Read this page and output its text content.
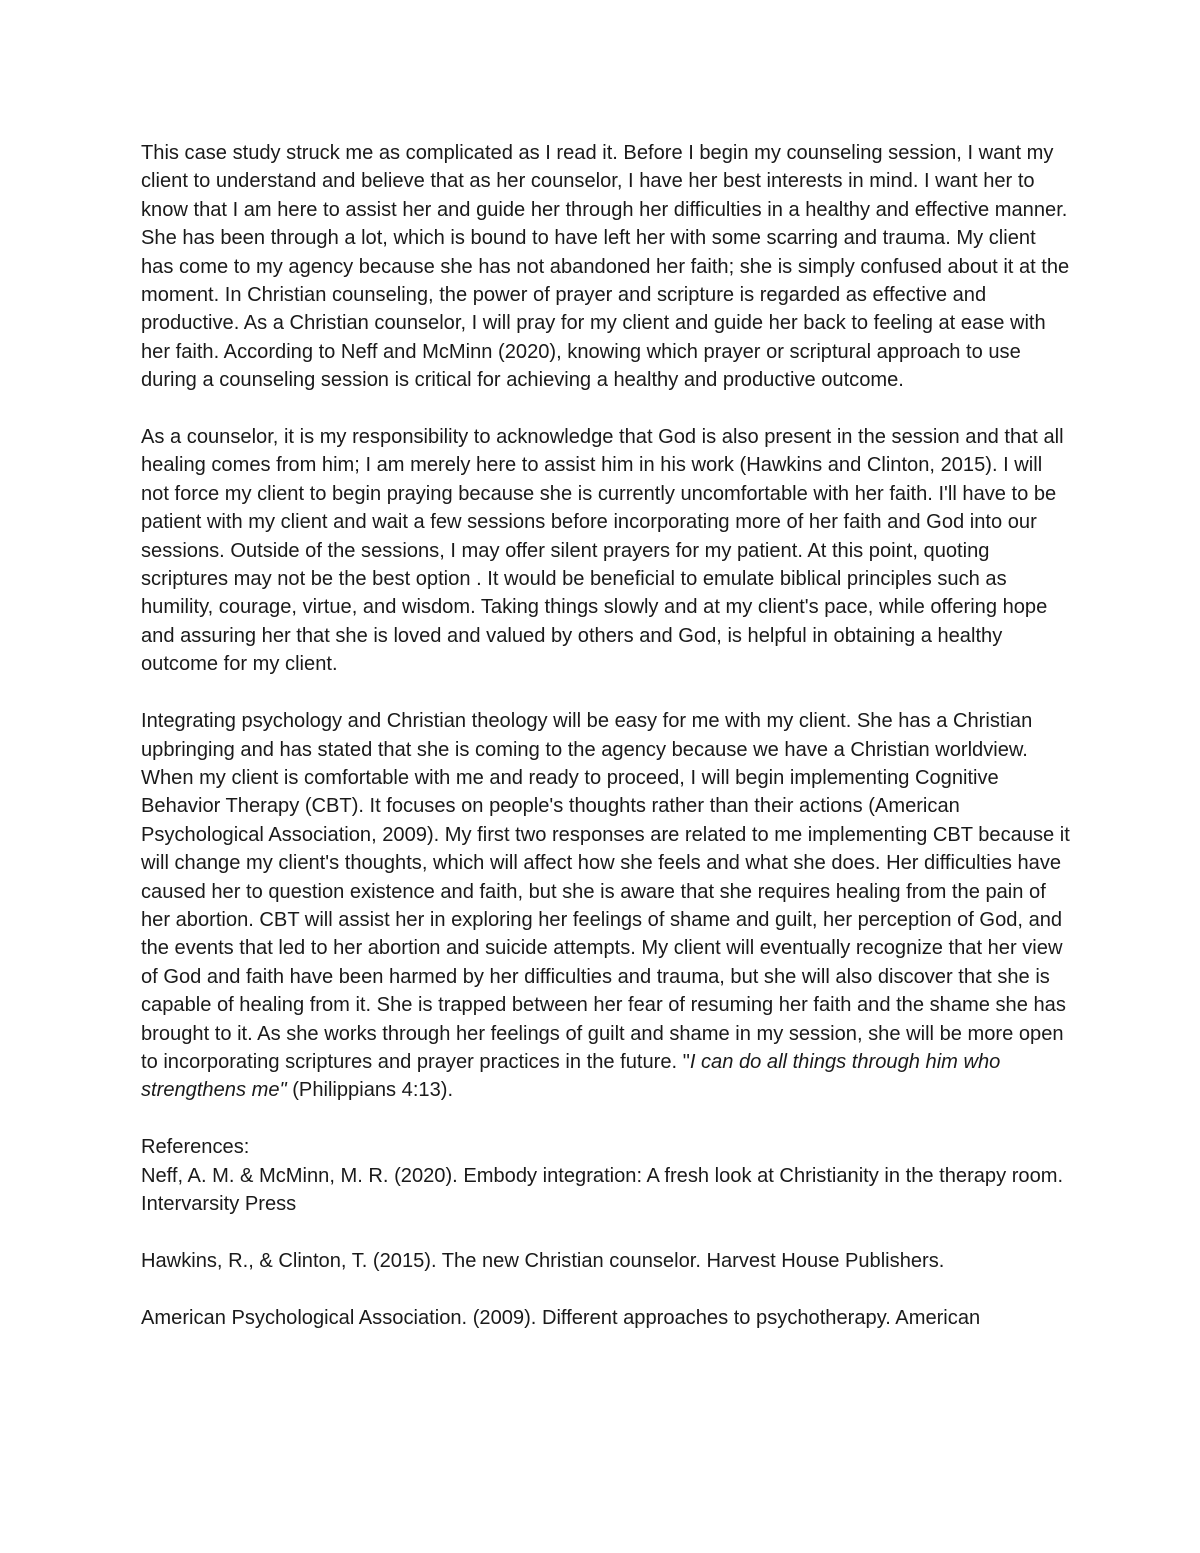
This case study struck me as complicated as I read it. Before I begin my counseling session, I want my client to understand and believe that as her counselor, I have her best interests in mind. I want her to know that I am here to assist her and guide her through her difficulties in a healthy and effective manner. She has been through a lot, which is bound to have left her with some scarring and trauma. My client has come to my agency because she has not abandoned her faith; she is simply confused about it at the moment. In Christian counseling, the power of prayer and scripture is regarded as effective and productive. As a Christian counselor, I will pray for my client and guide her back to feeling at ease with her faith. According to Neff and McMinn (2020), knowing which prayer or scriptural approach to use during a counseling session is critical for achieving a healthy and productive outcome.

As a counselor, it is my responsibility to acknowledge that God is also present in the session and that all healing comes from him; I am merely here to assist him in his work (Hawkins and Clinton, 2015). I will not force my client to begin praying because she is currently uncomfortable with her faith. I'll have to be patient with my client and wait a few sessions before incorporating more of her faith and God into our sessions. Outside of the sessions, I may offer silent prayers for my patient. At this point, quoting scriptures may not be the best option . It would be beneficial to emulate biblical principles such as humility, courage, virtue, and wisdom. Taking things slowly and at my client's pace, while offering hope and assuring her that she is loved and valued by others and God, is helpful in obtaining a healthy outcome for my client.

Integrating psychology and Christian theology will be easy for me with my client. She has a Christian upbringing and has stated that she is coming to the agency because we have a Christian worldview. When my client is comfortable with me and ready to proceed, I will begin implementing Cognitive Behavior Therapy (CBT). It focuses on people's thoughts rather than their actions (American Psychological Association, 2009). My first two responses are related to me implementing CBT because it will change my client's thoughts, which will affect how she feels and what she does. Her difficulties have caused her to question existence and faith, but she is aware that she requires healing from the pain of her abortion. CBT will assist her in exploring her feelings of shame and guilt, her perception of God, and the events that led to her abortion and suicide attempts. My client will eventually recognize that her view of God and faith have been harmed by her difficulties and trauma, but she will also discover that she is capable of healing from it. She is trapped between her fear of resuming her faith and the shame she has brought to it. As she works through her feelings of guilt and shame in my session, she will be more open to incorporating scriptures and prayer practices in the future. "I can do all things through him who strengthens me" (Philippians 4:13).

References:

Neff, A. M. & McMinn, M. R. (2020). Embody integration: A fresh look at Christianity in the therapy room. Intervarsity Press

Hawkins, R., & Clinton, T. (2015). The new Christian counselor. Harvest House Publishers.

American Psychological Association. (2009). Different approaches to psychotherapy. American
